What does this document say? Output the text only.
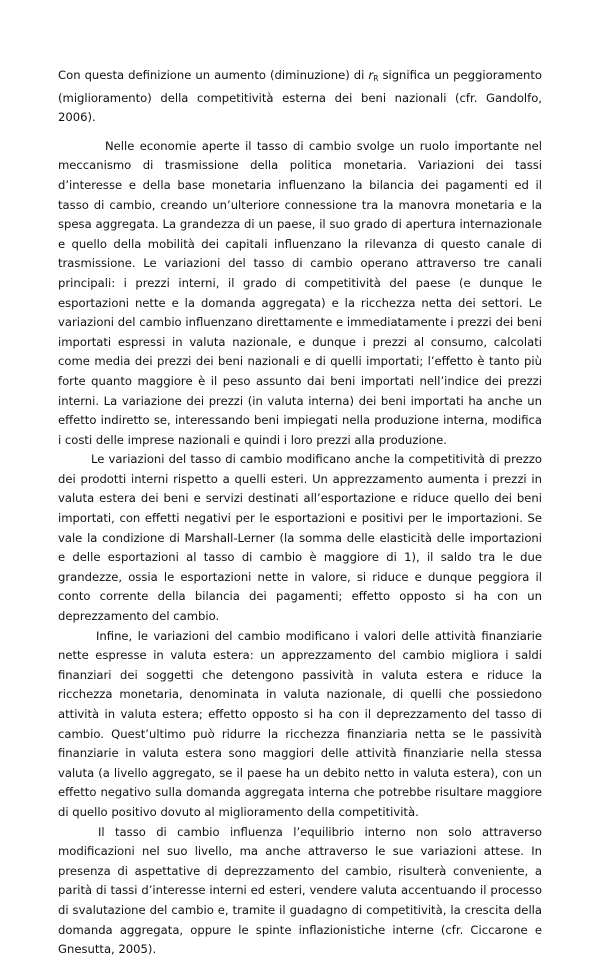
Con questa definizione un aumento (diminuzione) di $r_R$ significa un peggioramento (miglioramento) della competitività esterna dei beni nazionali (cfr. Gandolfo, 2006).

Nelle economie aperte il tasso di cambio svolge un ruolo importante nel meccanismo di trasmissione della politica monetaria. Variazioni dei tassi d’interesse e della base monetaria influenzano la bilancia dei pagamenti ed il tasso di cambio, creando un’ulteriore connessione tra la manovra monetaria e la spesa aggregata. La grandezza di un paese, il suo grado di apertura internazionale e quello della mobilità dei capitali influenzano la rilevanza di questo canale di trasmissione. Le variazioni del tasso di cambio operano attraverso tre canali principali: i prezzi interni, il grado di competitività del paese (e dunque le esportazioni nette e la domanda aggregata) e la ricchezza netta dei settori. Le variazioni del cambio influenzano direttamente e immediatamente i prezzi dei beni importati espressi in valuta nazionale, e dunque i prezzi al consumo, calcolati come media dei prezzi dei beni nazionali e di quelli importati; l’effetto è tanto più forte quanto maggiore è il peso assunto dai beni importati nell’indice dei prezzi interni. La variazione dei prezzi (in valuta interna) dei beni importati ha anche un effetto indiretto se, interessando beni impiegati nella produzione interna, modifica i costi delle imprese nazionali e quindi i loro prezzi alla produzione.

Le variazioni del tasso di cambio modificano anche la competitività di prezzo dei prodotti interni rispetto a quelli esteri. Un apprezzamento aumenta i prezzi in valuta estera dei beni e servizi destinati all’esportazione e riduce quello dei beni importati, con effetti negativi per le esportazioni e positivi per le importazioni. Se vale la condizione di Marshall-Lerner (la somma delle elasticità delle importazioni e delle esportazioni al tasso di cambio è maggiore di 1), il saldo tra le due grandezze, ossia le esportazioni nette in valore, si riduce e dunque peggiora il conto corrente della bilancia dei pagamenti; effetto opposto si ha con un deprezzamento del cambio.

Infine, le variazioni del cambio modificano i valori delle attività finanziarie nette espresse in valuta estera: un apprezzamento del cambio migliora i saldi finanziari dei soggetti che detengono passività in valuta estera e riduce la ricchezza monetaria, denominata in valuta nazionale, di quelli che possiedono attività in valuta estera; effetto opposto si ha con il deprezzamento del tasso di cambio. Quest’ultimo può ridurre la ricchezza finanziaria netta se le passività finanziarie in valuta estera sono maggiori delle attività finanziarie nella stessa valuta (a livello aggregato, se il paese ha un debito netto in valuta estera), con un effetto negativo sulla domanda aggregata interna che potrebbe risultare maggiore di quello positivo dovuto al miglioramento della competitività.

Il tasso di cambio influenza l’equilibrio interno non solo attraverso modificazioni nel suo livello, ma anche attraverso le sue variazioni attese. In presenza di aspettative di deprezzamento del cambio, risulterà conveniente, a parità di tassi d’interesse interni ed esteri, vendere valuta accentuando il processo di svalutazione del cambio e, tramite il guadagno di competitività, la crescita della domanda aggregata, oppure le spinte inflazionistiche interne (cfr. Ciccarone e Gnesutta, 2005).
